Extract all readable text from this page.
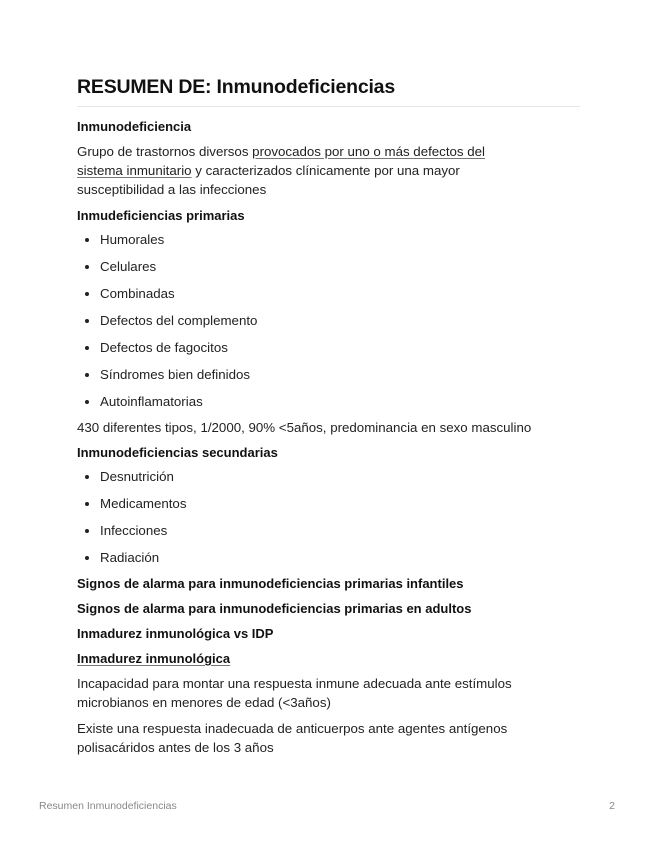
RESUMEN DE: Inmunodeficiencias
Inmunodeficiencia

Grupo de trastornos diversos provocados por uno o más defectos del sistema inmunitario y caracterizados clínicamente por una mayor susceptibilidad a las infecciones

Inmudeficiencias primarias
• Humorales
• Celulares
• Combinadas
• Defectos del complemento
• Defectos de fagocitos
• Síndromes bien definidos
• Autoinflamatorias

430 diferentes tipos, 1/2000, 90% <5años, predominancia en sexo masculino

Inmunodeficiencias secundarias
• Desnutrición
• Medicamentos
• Infecciones
• Radiación
Signos de alarma para inmunodeficiencias primarias infantiles
Signos de alarma para inmunodeficiencias primarias en adultos
Inmadurez inmunológica vs IDP
Inmadurez inmunológica

Incapacidad para montar una respuesta inmune adecuada ante estímulos microbianos en menores de edad (<3años)

Existe una respuesta inadecuada de anticuerpos ante agentes antígenos polisacáridos antes de los 3 años

Resumen Inmunodeficiencias	2
